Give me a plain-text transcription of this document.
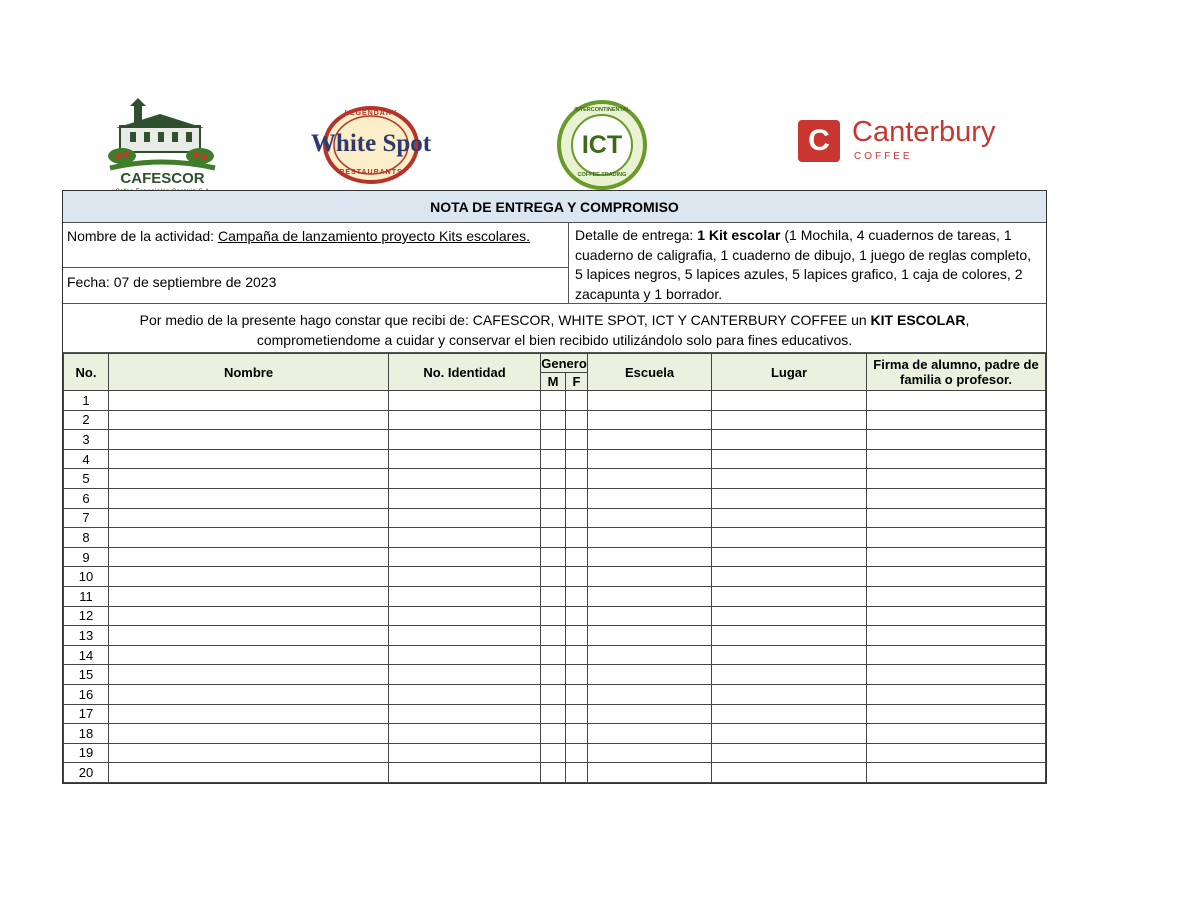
CAFESCOR
LEGENDARY
White Spot
RESTAURANTS
INTERCONTINENTAL
ICT
COFFEE TRADING
C Canterbury
COFFEE
NOTA DE ENTREGA Y COMPROMISO
Nombre de la actividad: Campaña de lanzamiento proyecto Kits escolares.
Fecha: 07 de septiembre de 2023
Detalle de entrega: 1 Kit escolar (1 Mochila, 4 cuadernos de tareas, 1 cuaderno de caligrafia, 1 cuaderno de dibujo, 1 juego de reglas completo, 5 lapices negros, 5 lapices azules, 5 lapices grafico, 1 caja de colores, 2 zacapunta y 1 borrador.
Por medio de la presente hago constar que recibi de: CAFESCOR, WHITE SPOT, ICT Y CANTERBURY COFFEE un KIT ESCOLAR,
comprometiendome a cuidar y conservar el bien recibido utilizándolo solo para fines educativos.
No.	Nombre	No. Identidad	Genero		Escuela	Lugar	Firma de alumno, padre de familia o profesor.
			M	F			
1							
2							
3							
4							
5							
6							
7							
8							
9							
10							
11							
12							
13							
14							
15							
16							
17							
18							
19							
20							
